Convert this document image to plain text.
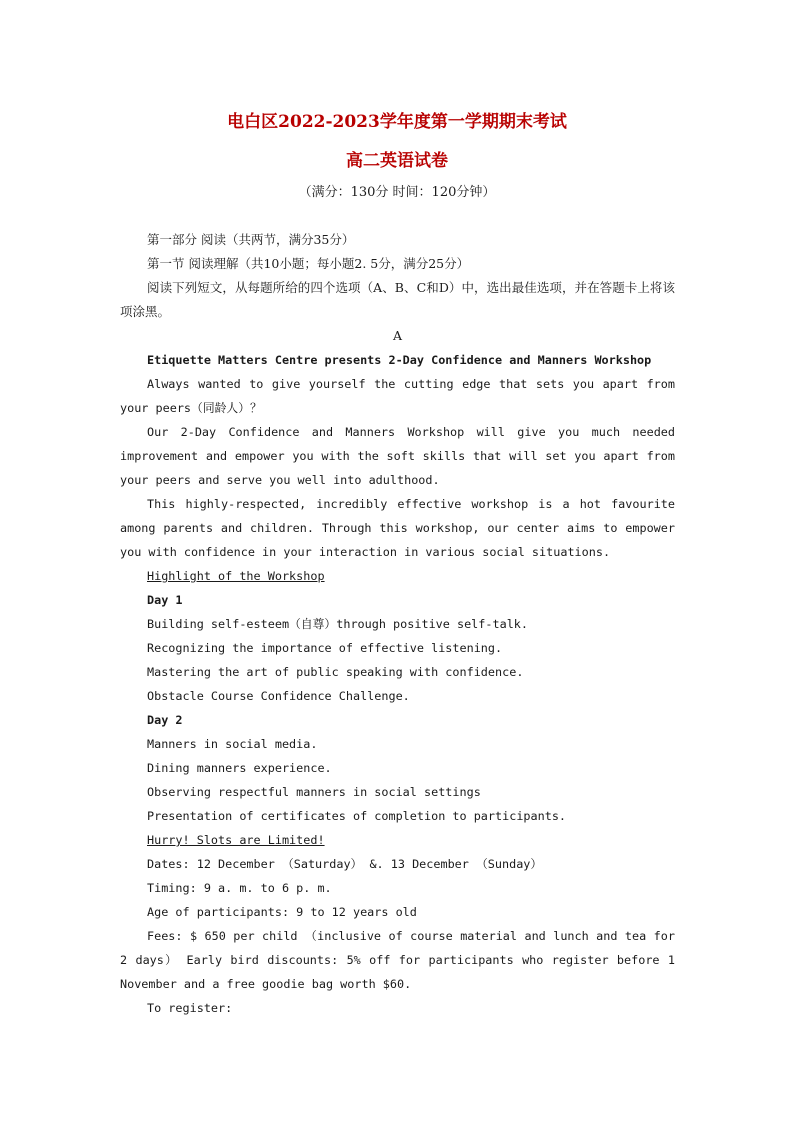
电白区2022-2023学年度第一学期期末考试
高二英语试卷
（满分：130分 时间：120分钟）

第一部分 阅读（共两节，满分35分）

第一节 阅读理解（共10小题；每小题2. 5分，满分25分）

阅读下列短文，从每题所给的四个选项（A、B、C和D）中，选出最佳选项，并在答题卡上将该项涂黑。

A

Etiquette Matters Centre presents 2-Day Confidence and Manners Workshop

Always wanted to give yourself the cutting edge that sets you apart from your peers（同龄人）？

Our 2-Day Confidence and Manners Workshop will give you much needed improvement and empower you with the soft skills that will set you apart from your peers and serve you well into adulthood.

This highly-respected, incredibly effective workshop is a hot favourite among parents and children. Through this workshop, our center aims to empower you with confidence in your interaction in various social situations.

Highlight of the Workshop

Day 1

Building self-esteem（自尊）through positive self-talk.

Recognizing the importance of effective listening.

Mastering the art of public speaking with confidence.

Obstacle Course Confidence Challenge.

Day 2

Manners in social media.

Dining manners experience.

Observing respectful manners in social settings

Presentation of certificates of completion to participants.

Hurry! Slots are Limited!

Dates: 12 December （Saturday） &. 13 December （Sunday）

Timing: 9 a. m. to 6 p. m.

Age of participants: 9 to 12 years old

Fees: $ 650 per child （inclusive of course material and lunch and tea for 2 days） Early bird discounts: 5% off for participants who register before 1 November and a free goodie bag worth $60.

To register:
